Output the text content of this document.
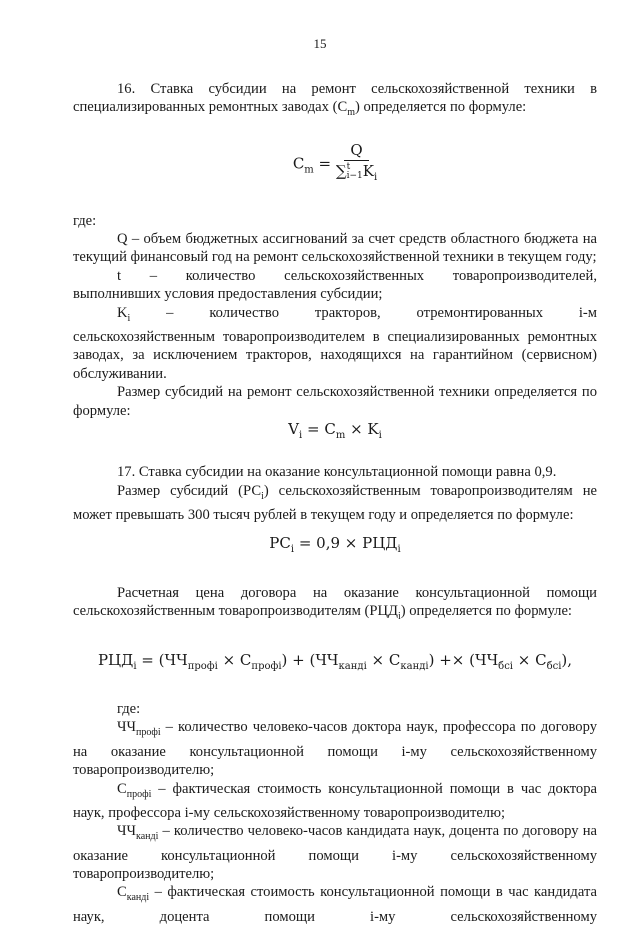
15

16. Ставка субсидии на ремонт сельскохозяйственной техники в специализированных ремонтных заводах $(С_m)$ определяется по формуле:

$C_m = Q$
∑ t
i−1 $K_i$

где:

Q – объем бюджетных ассигнований за счет средств областного бюджета на текущий финансовый год на ремонт сельскохозяйственной техники в текущем году;

t – количество сельскохозяйственных товаропроизводителей,

выполнивших условия предоставления субсидии;

$K_i$ – количество тракторов, отремонтированных i-м

сельскохозяйственным товаропроизводителем в специализированных ремонтных заводах, за исключением тракторов, находящихся на гарантийном (сервисном) обслуживании.

Размер субсидий на ремонт сельскохозяйственной техники определяется по формуле:

$V_i = C_m \times K_i$

17. Ставка субсидии на оказание консультационной помощи равна 0,9.

Размер субсидий $(РС_i)$ сельскохозяйственным товаропроизводителям не может превышать 300 тысяч рублей в текущем году и определяется по формуле:

$PC_i = 0,9 \times РЦД_i$

Расчетная цена договора на оказание консультационной помощи сельскохозяйственным товаропроизводителям $(РЦД_i)$ определяется по формуле:

$РЦД_i = (ЧЧ_{профі} \times С_{профі}) + (ЧЧ_{канді} \times С_{канді}) +\times (ЧЧ_{бсі} \times С_{бсі})$,

где:

$ЧЧ_{профі}$ – количество человеко-часов доктора наук, профессора по договору на оказание консультационной помощи i-му сельскохозяйственному товаропроизводителю;

$С_{профі}$ – фактическая стоимость консультационной помощи в час доктора наук, профессора i-му сельскохозяйственному товаропроизводителю;

$ЧЧ_{канді}$ – количество человеко-часов кандидата наук, доцента по договору на оказание консультационной помощи i-му сельскохозяйственному товаропроизводителю;

$С_{канді}$ – фактическая стоимость консультационной помощи в час кандидата наук, доцента помощи i-му сельскохозяйственному
